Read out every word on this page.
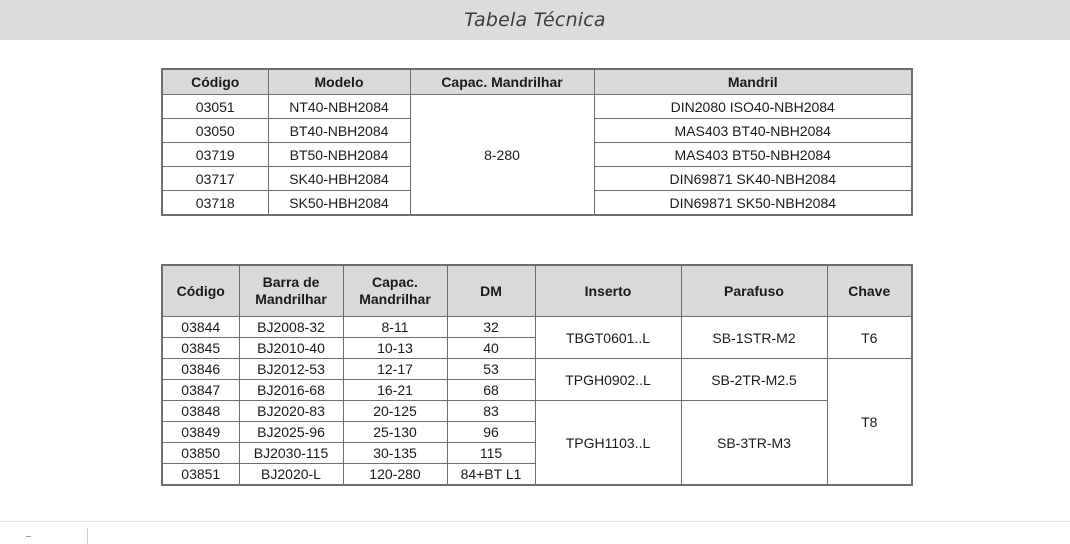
Tabela Técnica
Código	Modelo	Capac. Mandrilhar	Mandril
03051	NT40-NBH2084	8-280	DIN2080 ISO40-NBH2084
03050	BT40-NBH2084		MAS403 BT40-NBH2084
03719	BT50-NBH2084		MAS403 BT50-NBH2084
03717	SK40-HBH2084		DIN69871 SK40-NBH2084
03718	SK50-HBH2084		DIN69871 SK50-NBH2084
Código	Barra de Mandrilhar	Capac. Mandrilhar	DM	Inserto	Parafuso	Chave
03844	BJ2008-32	8-11	32	TBGT0601..L	SB-1STR-M2	T6
03845	BJ2010-40	10-13	40			
03846	BJ2012-53	12-17	53	TPGH0902..L	SB-2TR-M2.5	T8
03847	BJ2016-68	16-21	68			
03848	BJ2020-83	20-125	83	TPGH1103..L	SB-3TR-M3	
03849	BJ2025-96	25-130	96			
03850	BJ2030-115	30-135	115			
03851	BJ2020-L	120-280	84+BT L1			
